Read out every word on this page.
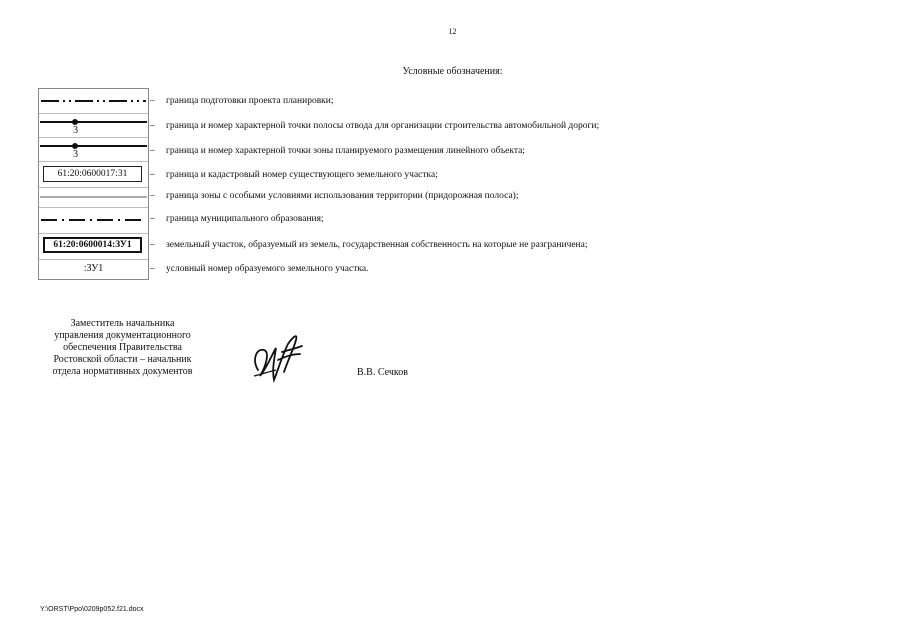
12
Условные обозначения:
3
3
61:20:0600017:31
61:20:0600014:ЗУ1
:ЗУ1
– граница подготовки проекта планировки;
– граница и номер характерной точки полосы отвода для организации строительства автомобильной дороги;
– граница и номер характерной точки зоны планируемого размещения линейного объекта;
– граница и кадастровый номер существующего земельного участка;
– граница зоны с особыми условиями использования территории (придорожная полоса);
– граница муниципального образования;
– земельный участок, образуемый из земель, государственная собственность на которые не разграничена;
– условный номер образуемого земельного участка.
Заместитель начальника
управления документационного
обеспечения Правительства
Ростовской области – начальник
отдела нормативных документов	В.В. Сечков
Y:\ORST\Ppo\0209p052.f21.docx
